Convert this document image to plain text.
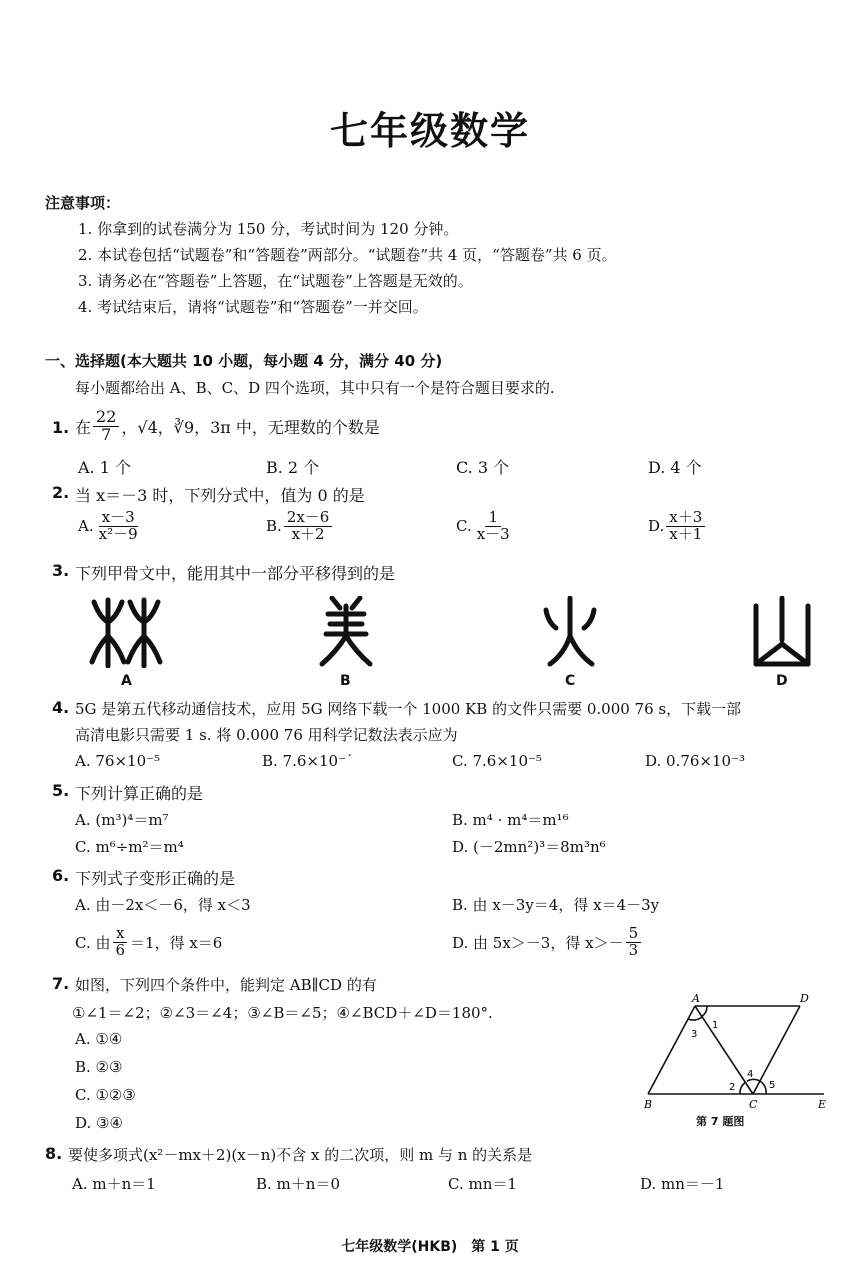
七年级数学
注意事项：
1. 你拿到的试卷满分为 150 分，考试时间为 120 分钟。
2. 本试卷包括“试题卷”和“答题卷”两部分。“试题卷”共 4 页，“答题卷”共 6 页。
3. 请务必在“答题卷”上答题，在“试题卷”上答题是无效的。
4. 考试结束后，请将“试题卷”和“答题卷”一并交回。
一、选择题(本大题共 10 小题，每小题 4 分，满分 40 分)
每小题都给出 A、B、C、D 四个选项，其中只有一个是符合题目要求的.
1. 在 $\frac{22}{7}$ ，√4，∛9，3π 中，无理数的个数是
A. 1 个	B. 2 个	C. 3 个	D. 4 个
2. 当 x＝－3 时，下列分式中，值为 0 的是
A. $\frac{x-3}{\text{x²－9}}$	B. $\frac{2x-6}{x+2}$	C. $\frac{1}{x-3}$	D. $\frac{x+3}{x+1}$
3. 下列甲骨文中，能用其中一部分平移得到的是
A	B	C	D
4. 5G 是第五代移动通信技术，应用 5G 网络下载一个 1000 KB 的文件只需要 0.000 76 s，下载一部
高清电影只需要 1 s. 将 0.000 76 用科学记数法表示应为
A. 76×10⁻⁵	B. 7.6×10⁻˙	C. 7.6×10⁻⁵	D. 0.76×10⁻³
5. 下列计算正确的是
A. (m³)⁴＝m⁷	B. m⁴ · m⁴＝m¹⁶
C. m⁶÷m²＝m⁴	D. (－2mn²)³＝8m³n⁶
6. 下列式子变形正确的是
A. 由－2x＜－6，得 x＜3	B. 由 x－3y＝4，得 x＝4－3y
C. 由 $\frac{x}{6} =1$，得 x＝6	D. 由 5x＞－3，得 $x>- \frac{5}{3}$
7. 如图，下列四个条件中，能判定 AB∥CD 的有
①∠1＝∠2；②∠3＝∠4；③∠B＝∠5；④∠BCD＋∠D＝180°.
A. ①④
B. ②③
C. ①②③
D. ③④
A	D
B	C	E
1
3
4
2	5
第 7 题图
8. 要使多项式(x²－mx＋2)(x－n)不含 x 的二次项，则 m 与 n 的关系是
A. m＋n＝1	B. m＋n＝0	C. mn＝1	D. mn＝－1
七年级数学(HKB)　第 1 页
